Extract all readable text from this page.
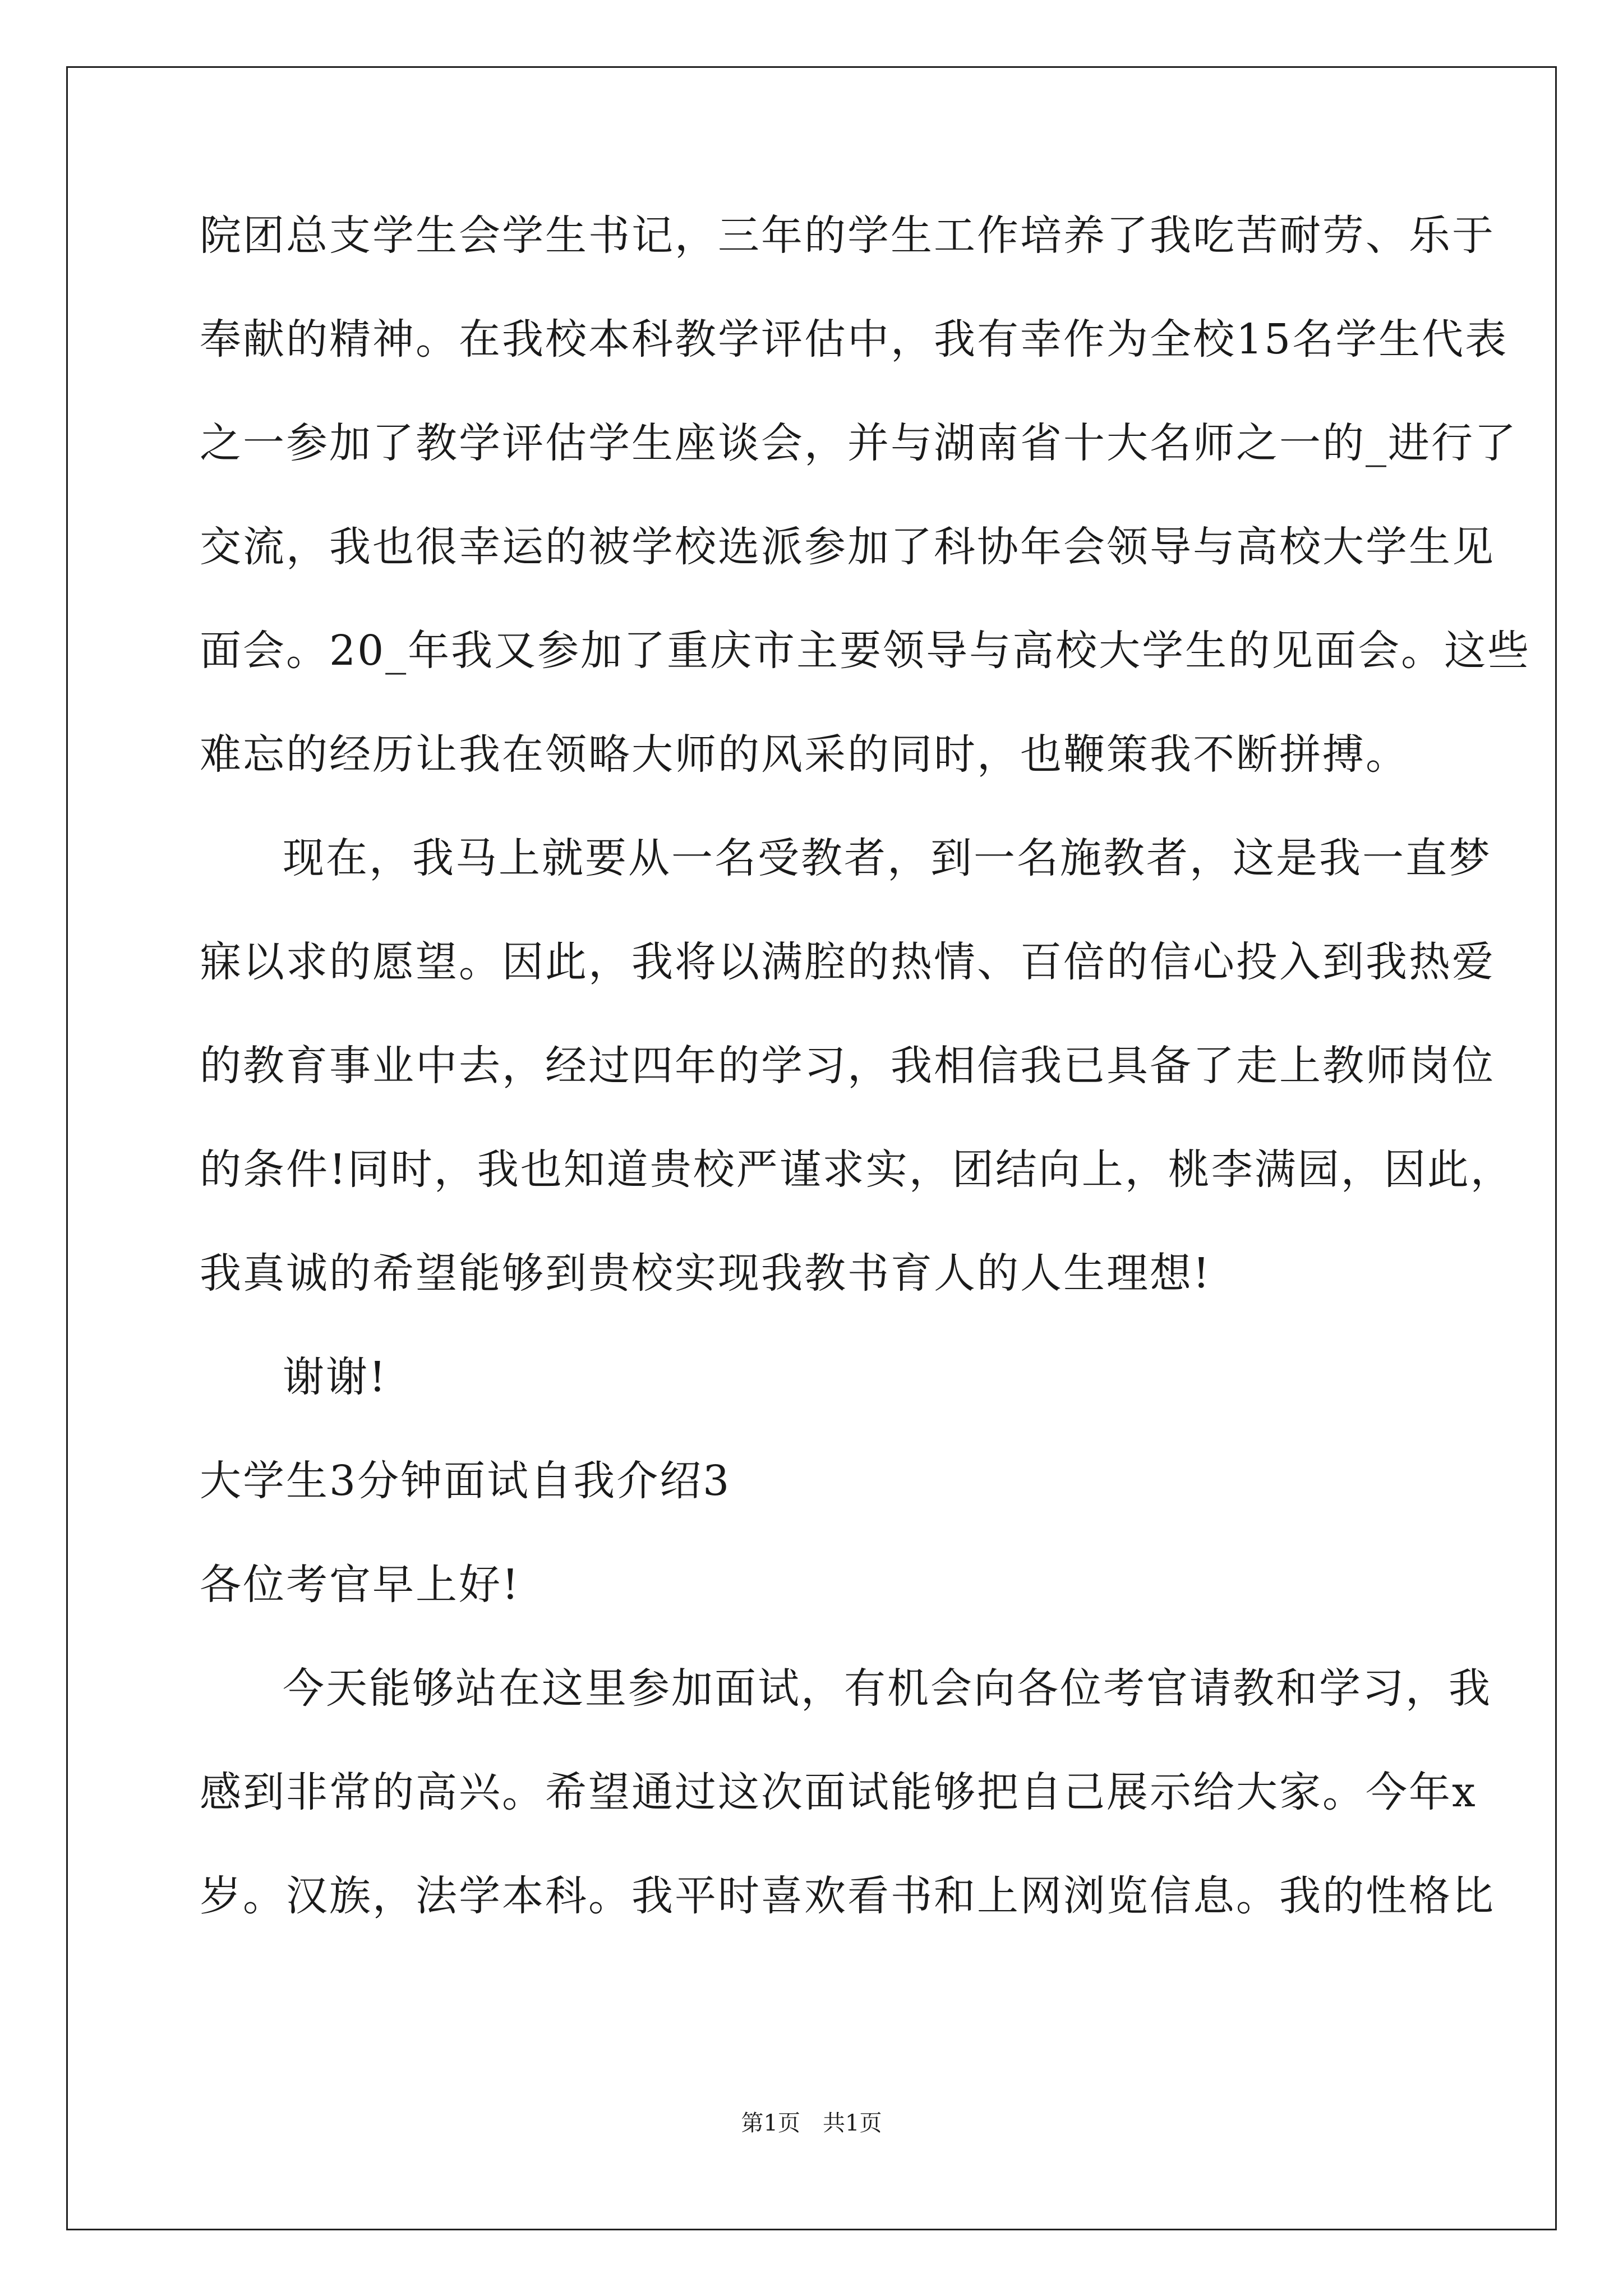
院团总支学生会学生书记，三年的学生工作培养了我吃苦耐劳、乐于
奉献的精神。在我校本科教学评估中，我有幸作为全校15名学生代表
之一参加了教学评估学生座谈会，并与湖南省十大名师之一的_进行了
交流，我也很幸运的被学校选派参加了科协年会领导与高校大学生见
面会。20_年我又参加了重庆市主要领导与高校大学生的见面会。这些
难忘的经历让我在领略大师的风采的同时，也鞭策我不断拼搏。
现在，我马上就要从一名受教者，到一名施教者，这是我一直梦
寐以求的愿望。因此，我将以满腔的热情、百倍的信心投入到我热爱
的教育事业中去，经过四年的学习，我相信我已具备了走上教师岗位
的条件!同时，我也知道贵校严谨求实，团结向上，桃李满园，因此，
我真诚的希望能够到贵校实现我教书育人的人生理想!
谢谢!
大学生3分钟面试自我介绍3
各位考官早上好!
今天能够站在这里参加面试，有机会向各位考官请教和学习，我
感到非常的高兴。希望通过这次面试能够把自己展示给大家。今年x
岁。汉族，法学本科。我平时喜欢看书和上网浏览信息。我的性格比
第1页　共1页
